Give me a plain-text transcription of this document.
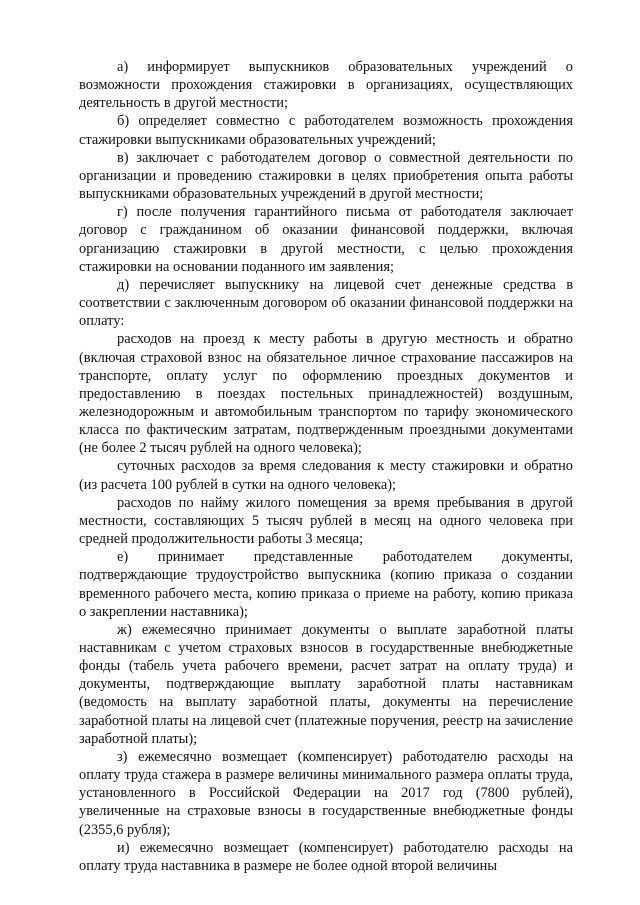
а) информирует выпускников образовательных учреждений о возможности прохождения стажировки в организациях, осуществляющих деятельность в другой местности;

б) определяет совместно с работодателем возможность прохождения стажировки выпускниками образовательных учреждений;

в) заключает с работодателем договор о совместной деятельности по организации и проведению стажировки в целях приобретения опыта работы выпускниками образовательных учреждений в другой местности;

г) после получения гарантийного письма от работодателя заключает договор с гражданином об оказании финансовой поддержки, включая организацию стажировки в другой местности, с целью прохождения стажировки на основании поданного им заявления;

д) перечисляет выпускнику на лицевой счет денежные средства в соответствии с заключенным договором об оказании финансовой поддержки на оплату:

расходов на проезд к месту работы в другую местность и обратно (включая страховой взнос на обязательное личное страхование пассажиров на транспорте, оплату услуг по оформлению проездных документов и предоставлению в поездах постельных принадлежностей) воздушным, железнодорожным и автомобильным транспортом по тарифу экономического класса по фактическим затратам, подтвержденным проездными документами (не более 2 тысяч рублей на одного человека);

суточных расходов за время следования к месту стажировки и обратно (из расчета 100 рублей в сутки на одного человека);

расходов по найму жилого помещения за время пребывания в другой местности, составляющих 5 тысяч рублей в месяц на одного человека при средней продолжительности работы 3 месяца;

е) принимает представленные работодателем документы, подтверждающие трудоустройство выпускника (копию приказа о создании временного рабочего места, копию приказа о приеме на работу, копию приказа о закреплении наставника);

ж) ежемесячно принимает документы о выплате заработной платы наставникам с учетом страховых взносов в государственные внебюджетные фонды (табель учета рабочего времени, расчет затрат на оплату труда) и документы, подтверждающие выплату заработной платы наставникам (ведомость на выплату заработной платы, документы на перечисление заработной платы на лицевой счет (платежные поручения, реестр на зачисление заработной платы);

з) ежемесячно возмещает (компенсирует) работодателю расходы на оплату труда стажера в размере величины минимального размера оплаты труда, установленного в Российской Федерации на 2017 год (7800 рублей), увеличенные на страховые взносы в государственные внебюджетные фонды (2355,6 рубля);

и) ежемесячно возмещает (компенсирует) работодателю расходы на оплату труда наставника в размере не более одной второй величины
